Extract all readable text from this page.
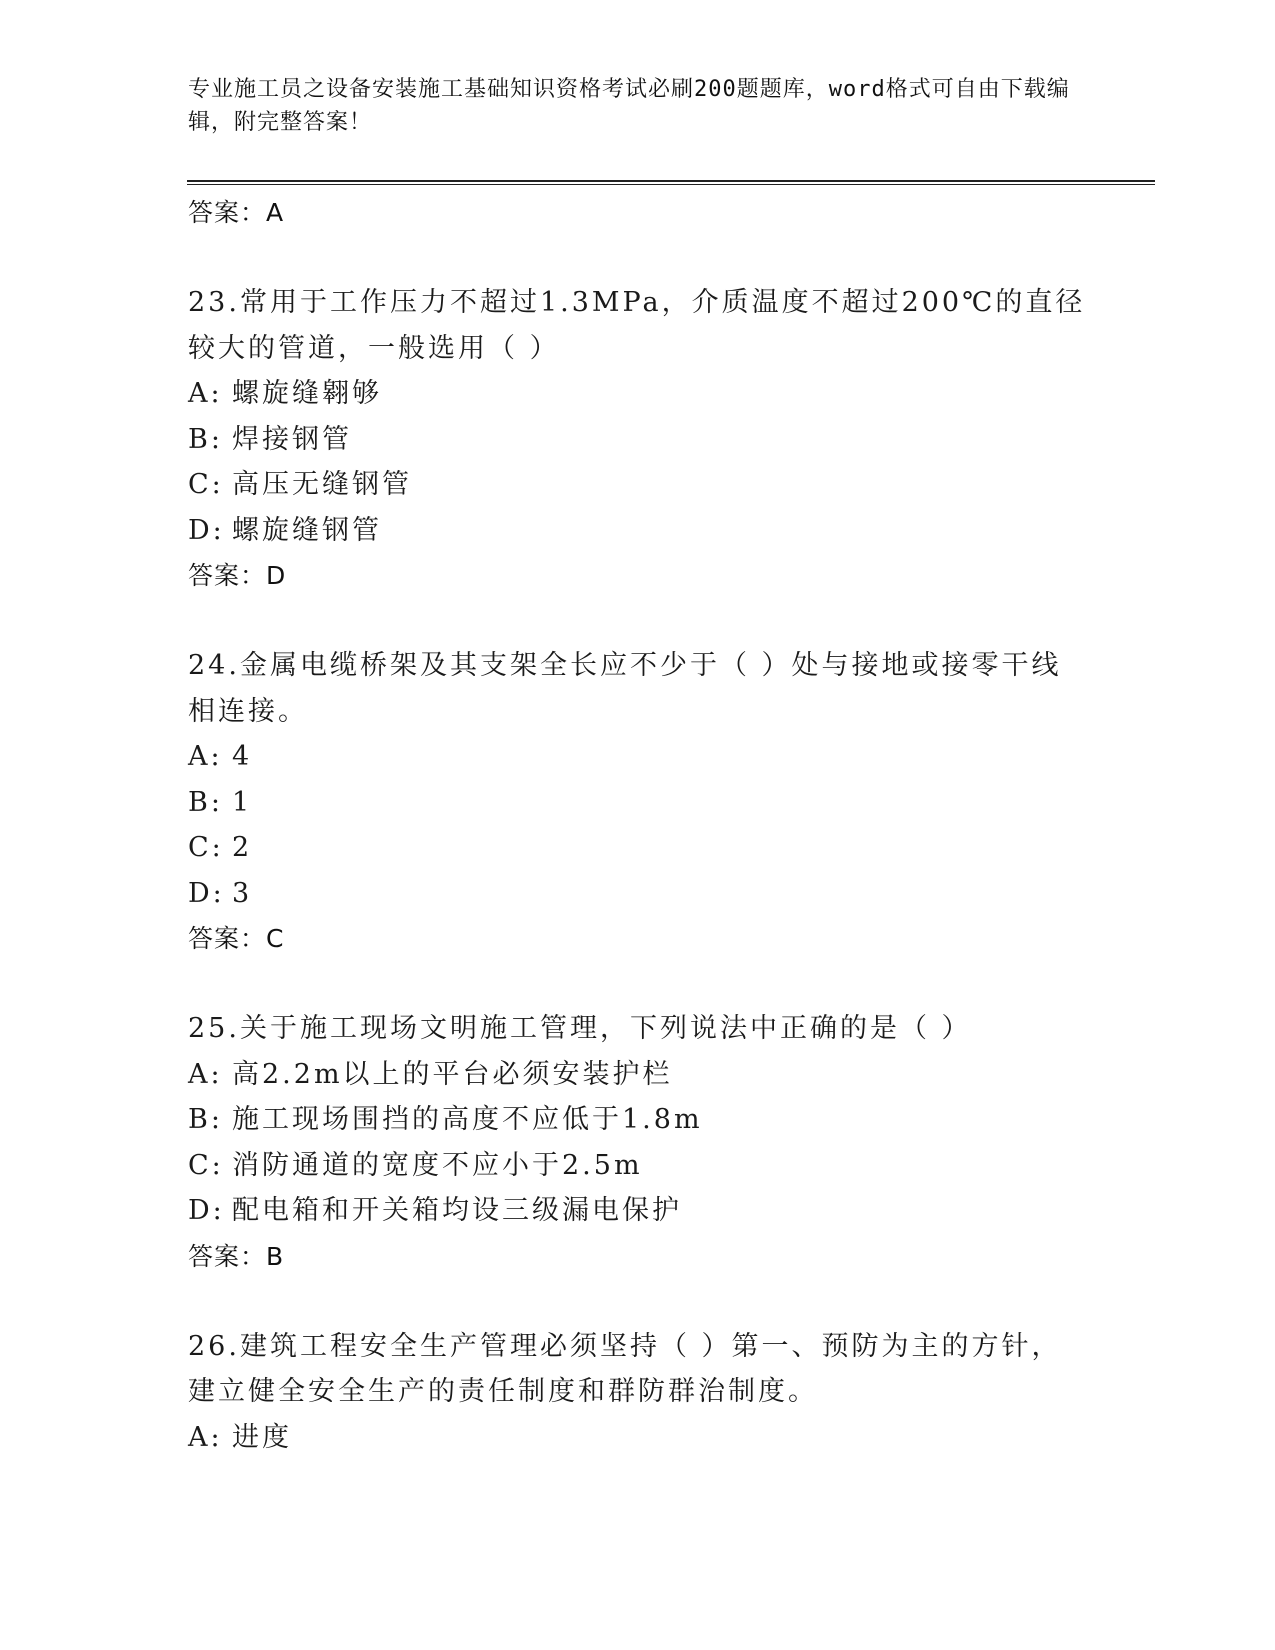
专业施工员之设备安装施工基础知识资格考试必刷200题题库，word格式可自由下载编辑，附完整答案！
答案：A
23.常用于工作压力不超过1.3MPa，介质温度不超过200℃的直径较大的管道，一般选用（ ）
A: 螺旋缝翱够
B: 焊接钢管
C: 高压无缝钢管
D: 螺旋缝钢管
答案：D
24.金属电缆桥架及其支架全长应不少于（ ）处与接地或接零干线相连接。
A: 4
B: 1
C: 2
D: 3
答案：C
25.关于施工现场文明施工管理，下列说法中正确的是（ ）
A: 高2.2m以上的平台必须安装护栏
B: 施工现场围挡的高度不应低于1.8m
C: 消防通道的宽度不应小于2.5m
D: 配电箱和开关箱均设三级漏电保护
答案：B
26.建筑工程安全生产管理必须坚持（ ）第一、预防为主的方针，建立健全安全生产的责任制度和群防群治制度。
A: 进度
